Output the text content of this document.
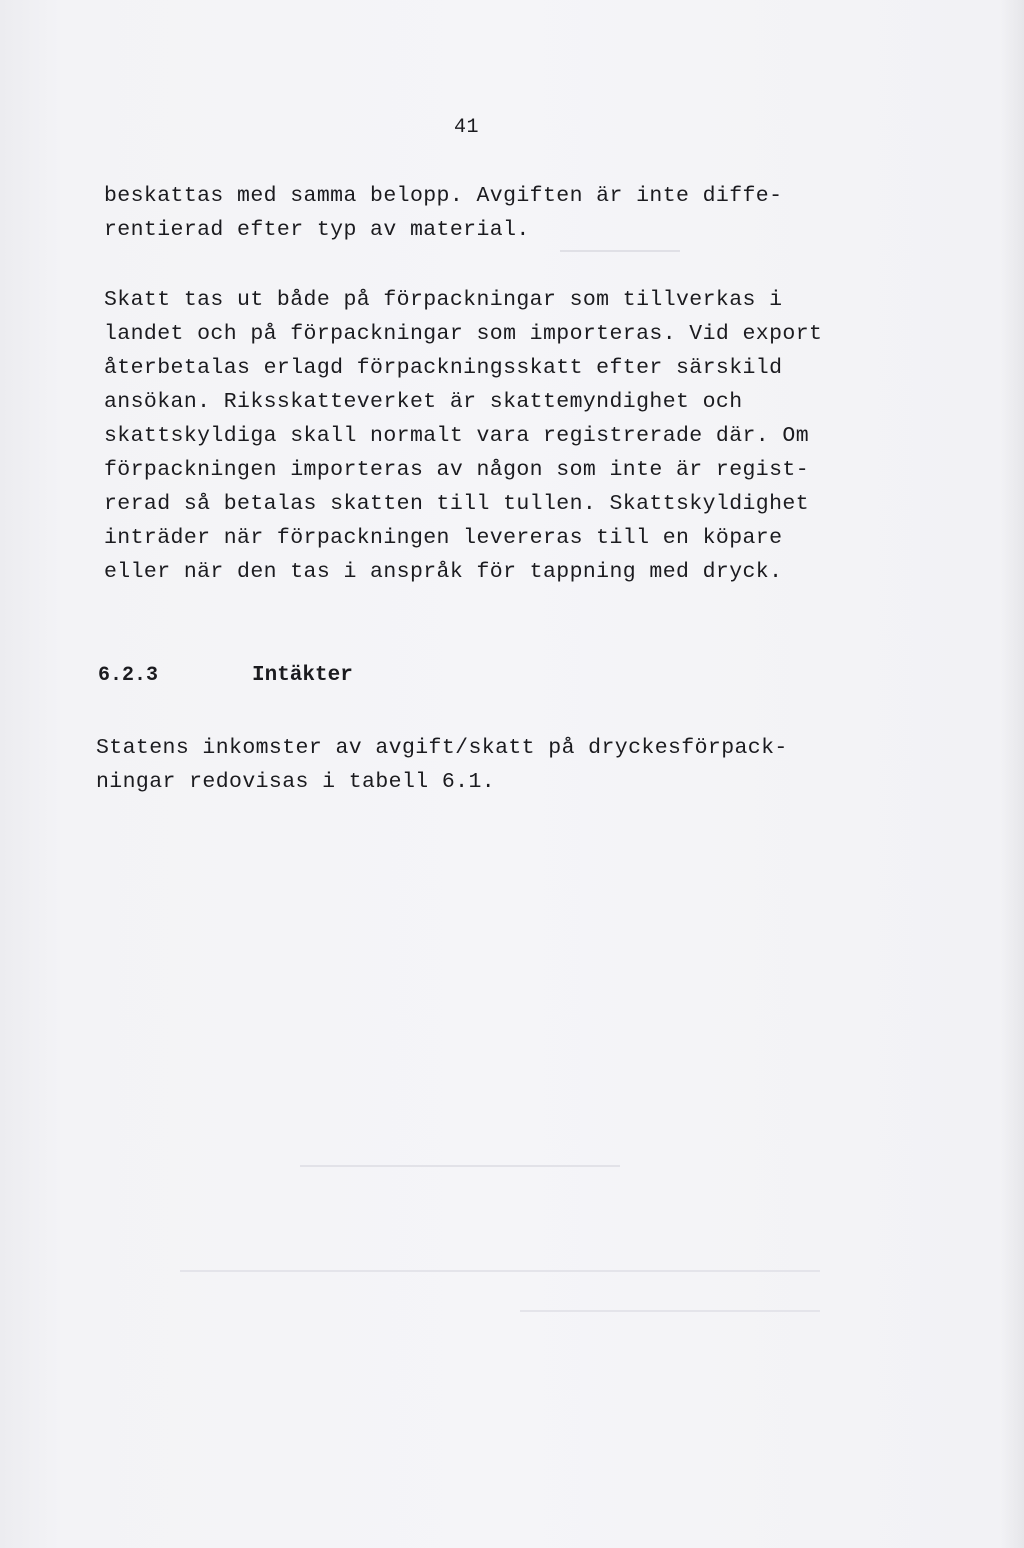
41
beskattas med samma belopp. Avgiften är inte diffe-
rentierad efter typ av material.
Skatt tas ut både på förpackningar som tillverkas i
landet och på förpackningar som importeras. Vid export
återbetalas erlagd förpackningsskatt efter särskild
ansökan. Riksskatteverket är skattemyndighet och
skattskyldiga skall normalt vara registrerade där. Om
förpackningen importeras av någon som inte är regist-
rerad så betalas skatten till tullen. Skattskyldighet
inträder när förpackningen levereras till en köpare
eller när den tas i anspråk för tappning med dryck.
6.2.3	Intäkter
Statens inkomster av avgift/skatt på dryckesförpack-
ningar redovisas i tabell 6.1.
